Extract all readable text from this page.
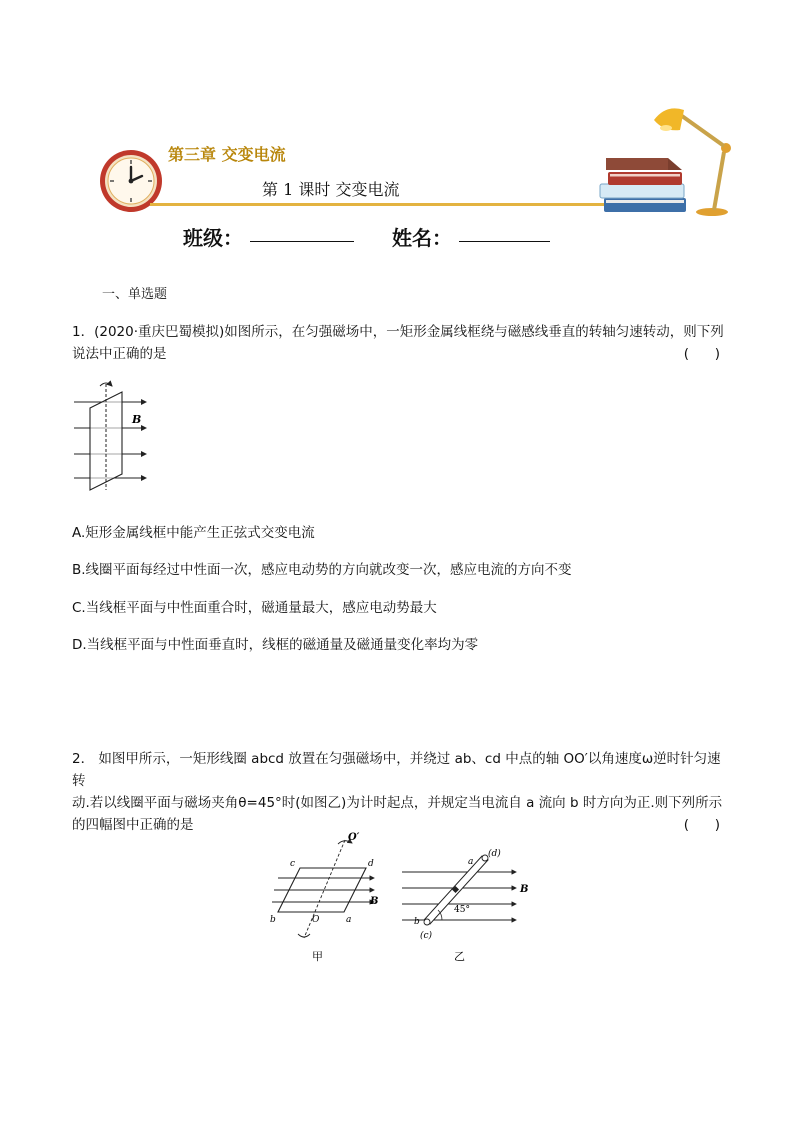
第三章 交变电流
第 1 课时 交变电流
班级：	姓名：
一、单选题

1．(2020·重庆巴蜀模拟)如图所示，在匀强磁场中，一矩形金属线框绕与磁感线垂直的转轴匀速转动，则下列

说法中正确的是	(      )

B
A.矩形金属线框中能产生正弦式交变电流
B.线圈平面每经过中性面一次，感应电动势的方向就改变一次，感应电流的方向不变
C.当线框平面与中性面重合时，磁通量最大，感应电动势最大
D.当线框平面与中性面垂直时，线框的磁通量及磁通量变化率均为零

2． 如图甲所示，一矩形线圈 abcd 放置在匀强磁场中，并绕过 ab、cd 中点的轴 OO′以角速度ω逆时针匀速转

动.若以线圈平面与磁场夹角θ=45°时(如图乙)为计时起点，并规定当电流自 a 流向 b 时方向为正.则下列所示

的四幅图中正确的是	(      )

O′
c	d
b	O	a
B
甲
a
(d)
b
(c)
45°
B
乙
